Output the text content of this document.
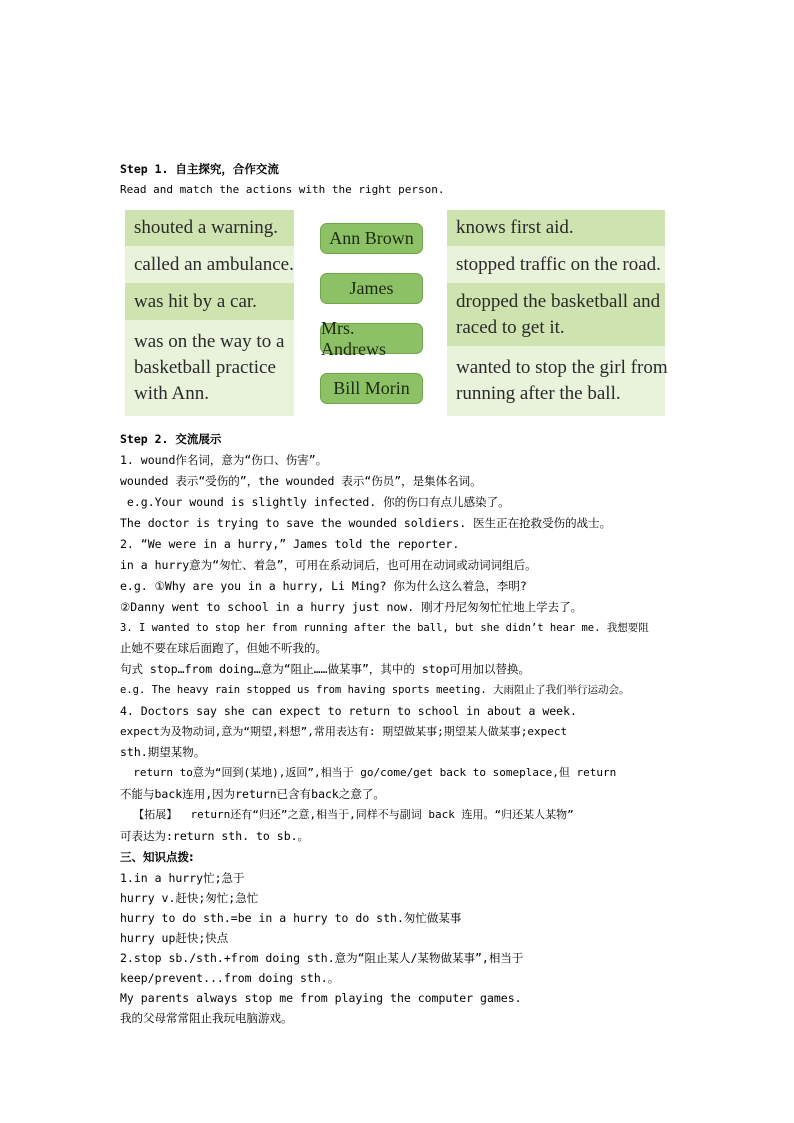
Step 1. 自主探究，合作交流
Read and match the actions with the right person.
shouted a warning.
called an ambulance.
was hit by a car.
was on the way to a
basketball practice
with Ann.
Ann Brown
James
Mrs. Andrews
Bill Morin
knows first aid.
stopped traffic on the road.
dropped the basketball and
raced to get it.
wanted to stop the girl from
running after the ball.
Step 2. 交流展示
1. wound作名词，意为“伤口、伤害”。
wounded 表示“受伤的”，the wounded 表示“伤员”，是集体名词。
e.g.Your wound is slightly infected. 你的伤口有点儿感染了。
The doctor is trying to save the wounded soldiers. 医生正在抢救受伤的战士。
2. “We were in a hurry,” James told the reporter.
in a hurry意为“匆忙、着急”，可用在系动词后，也可用在动词或动词词组后。
e.g. ①Why are you in a hurry, Li Ming? 你为什么这么着急，李明?
②Danny went to school in a hurry just now. 刚才丹尼匆匆忙忙地上学去了。
3. I wanted to stop her from running after the ball, but she didn’t hear me. 我想要阻
止她不要在球后面跑了，但她不听我的。
句式 stop…from doing…意为“阻止……做某事”，其中的 stop可用加以替换。
e.g. The heavy rain stopped us from having sports meeting. 大雨阻止了我们举行运动会。
4. Doctors say she can expect to return to school in about a week.
expect为及物动词,意为“期望,料想”,常用表达有: 期望做某事;期望某人做某事;expect
sth.期望某物。
return to意为“回到(某地),返回”,相当于 go/come/get back to someplace,但 return
不能与back连用,因为return已含有back之意了。
【拓展】  return还有“归还”之意,相当于,同样不与副词 back 连用。“归还某人某物”
可表达为:return sth. to sb.。
三、知识点拨:
1.in a hurry忙;急于
hurry v.赶快;匆忙;急忙
hurry to do sth.=be in a hurry to do sth.匆忙做某事
hurry up赶快;快点
2.stop sb./sth.+from doing sth.意为“阻止某人/某物做某事”,相当于
keep/prevent...from doing sth.。
My parents always stop me from playing the computer games.
我的父母常常阻止我玩电脑游戏。
